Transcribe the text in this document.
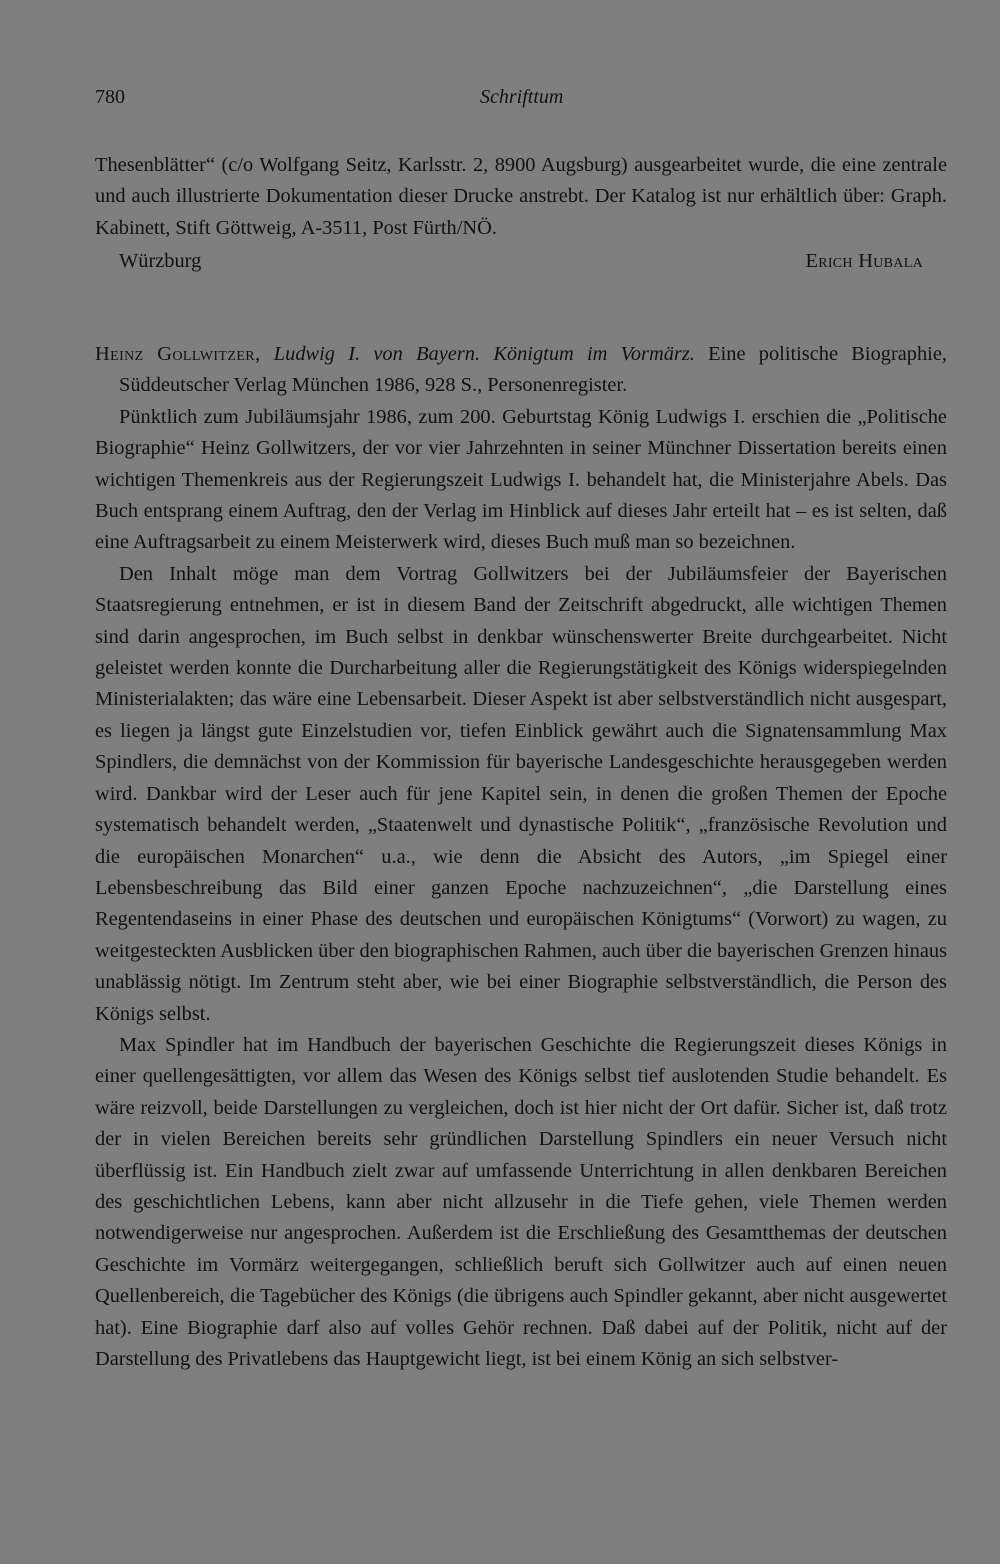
780	Schrifttum

Thesenblätter“ (c/o Wolfgang Seitz, Karlsstr. 2, 8900 Augsburg) ausgearbeitet wurde, die eine zentrale und auch illustrierte Dokumentation dieser Drucke anstrebt. Der Katalog ist nur erhältlich über: Graph. Kabinett, Stift Göttweig, A-3511, Post Fürth/NÖ.

Würzburg	Erich Hubala

Heinz Gollwitzer, Ludwig I. von Bayern. Königtum im Vormärz. Eine politische Biographie, Süddeutscher Verlag München 1986, 928 S., Personenregister.

Pünktlich zum Jubiläumsjahr 1986, zum 200. Geburtstag König Ludwigs I. erschien die „Politische Biographie“ Heinz Gollwitzers, der vor vier Jahrzehnten in seiner Münchner Dissertation bereits einen wichtigen Themenkreis aus der Regierungszeit Ludwigs I. behandelt hat, die Ministerjahre Abels. Das Buch entsprang einem Auftrag, den der Verlag im Hinblick auf dieses Jahr erteilt hat – es ist selten, daß eine Auftragsarbeit zu einem Meisterwerk wird, dieses Buch muß man so bezeichnen.

Den Inhalt möge man dem Vortrag Gollwitzers bei der Jubiläumsfeier der Bayerischen Staatsregierung entnehmen, er ist in diesem Band der Zeitschrift abgedruckt, alle wichtigen Themen sind darin angesprochen, im Buch selbst in denkbar wünschenswerter Breite durchgearbeitet. Nicht geleistet werden konnte die Durcharbeitung aller die Regierungstätigkeit des Königs widerspiegelnden Ministerialakten; das wäre eine Lebensarbeit. Dieser Aspekt ist aber selbstverständlich nicht ausgespart, es liegen ja längst gute Einzelstudien vor, tiefen Einblick gewährt auch die Signatensammlung Max Spindlers, die demnächst von der Kommission für bayerische Landesgeschichte herausgegeben werden wird. Dankbar wird der Leser auch für jene Kapitel sein, in denen die großen Themen der Epoche systematisch behandelt werden, „Staatenwelt und dynastische Politik“, „französische Revolution und die europäischen Monarchen“ u.a., wie denn die Absicht des Autors, „im Spiegel einer Lebensbeschreibung das Bild einer ganzen Epoche nachzuzeichnen“, „die Darstellung eines Regentendaseins in einer Phase des deutschen und europäischen Königtums“ (Vorwort) zu wagen, zu weitgesteckten Ausblicken über den biographischen Rahmen, auch über die bayerischen Grenzen hinaus unablässig nötigt. Im Zentrum steht aber, wie bei einer Biographie selbstverständlich, die Person des Königs selbst.

Max Spindler hat im Handbuch der bayerischen Geschichte die Regierungszeit dieses Königs in einer quellengesättigten, vor allem das Wesen des Königs selbst tief auslotenden Studie behandelt. Es wäre reizvoll, beide Darstellungen zu vergleichen, doch ist hier nicht der Ort dafür. Sicher ist, daß trotz der in vielen Bereichen bereits sehr gründlichen Darstellung Spindlers ein neuer Versuch nicht überflüssig ist. Ein Handbuch zielt zwar auf umfassende Unterrichtung in allen denkbaren Bereichen des geschichtlichen Lebens, kann aber nicht allzusehr in die Tiefe gehen, viele Themen werden notwendigerweise nur angesprochen. Außerdem ist die Erschließung des Gesamtthemas der deutschen Geschichte im Vormärz weitergegangen, schließlich beruft sich Gollwitzer auch auf einen neuen Quellenbereich, die Tagebücher des Königs (die übrigens auch Spindler gekannt, aber nicht ausgewertet hat). Eine Biographie darf also auf volles Gehör rechnen. Daß dabei auf der Politik, nicht auf der Darstellung des Privatlebens das Hauptgewicht liegt, ist bei einem König an sich selbstver-
